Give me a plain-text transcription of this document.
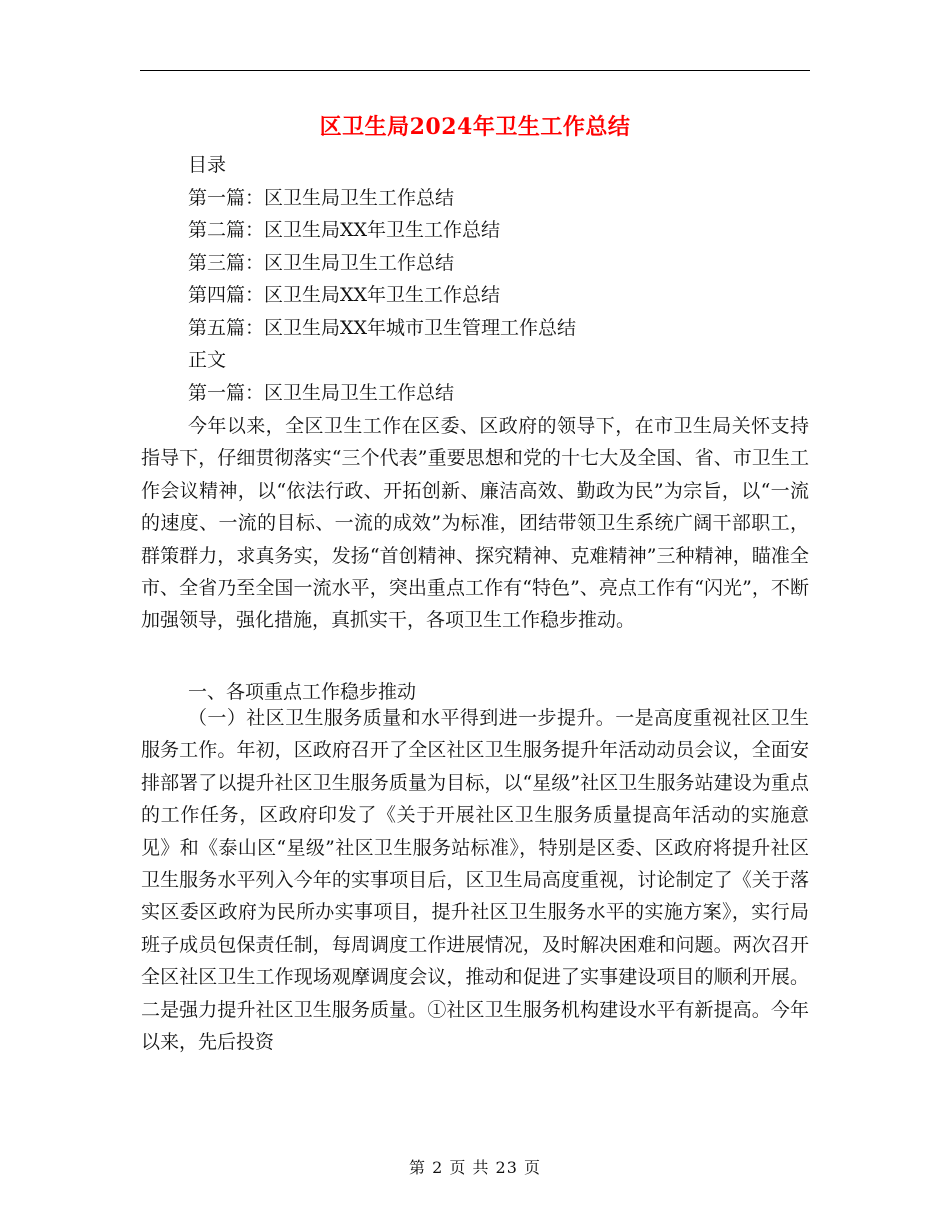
区卫生局2024年卫生工作总结
目录
第一篇：区卫生局卫生工作总结
第二篇：区卫生局XX年卫生工作总结
第三篇：区卫生局卫生工作总结
第四篇：区卫生局XX年卫生工作总结
第五篇：区卫生局XX年城市卫生管理工作总结
正文
第一篇：区卫生局卫生工作总结

今年以来，全区卫生工作在区委、区政府的领导下，在市卫生局关怀支持指导下，仔细贯彻落实“三个代表”重要思想和党的十七大及全国、省、市卫生工作会议精神，以“依法行政、开拓创新、廉洁高效、勤政为民”为宗旨，以“一流的速度、一流的目标、一流的成效”为标准，团结带领卫生系统广阔干部职工，群策群力，求真务实，发扬“首创精神、探究精神、克难精神”三种精神，瞄准全市、全省乃至全国一流水平，突出重点工作有“特色”、亮点工作有“闪光”，不断加强领导，强化措施，真抓实干，各项卫生工作稳步推动。

一、各项重点工作稳步推动

（一）社区卫生服务质量和水平得到进一步提升。一是高度重视社区卫生服务工作。年初，区政府召开了全区社区卫生服务提升年活动动员会议，全面安排部署了以提升社区卫生服务质量为目标，以“星级”社区卫生服务站建设为重点的工作任务，区政府印发了《关于开展社区卫生服务质量提高年活动的实施意见》和《泰山区“星级”社区卫生服务站标准》，特别是区委、区政府将提升社区卫生服务水平列入今年的实事项目后，区卫生局高度重视，讨论制定了《关于落实区委区政府为民所办实事项目，提升社区卫生服务水平的实施方案》，实行局班子成员包保责任制，每周调度工作进展情况，及时解决困难和问题。两次召开全区社区卫生工作现场观摩调度会议，推动和促进了实事建设项目的顺利开展。二是强力提升社区卫生服务质量。①社区卫生服务机构建设水平有新提高。今年以来，先后投资

第 2 页 共 23 页
